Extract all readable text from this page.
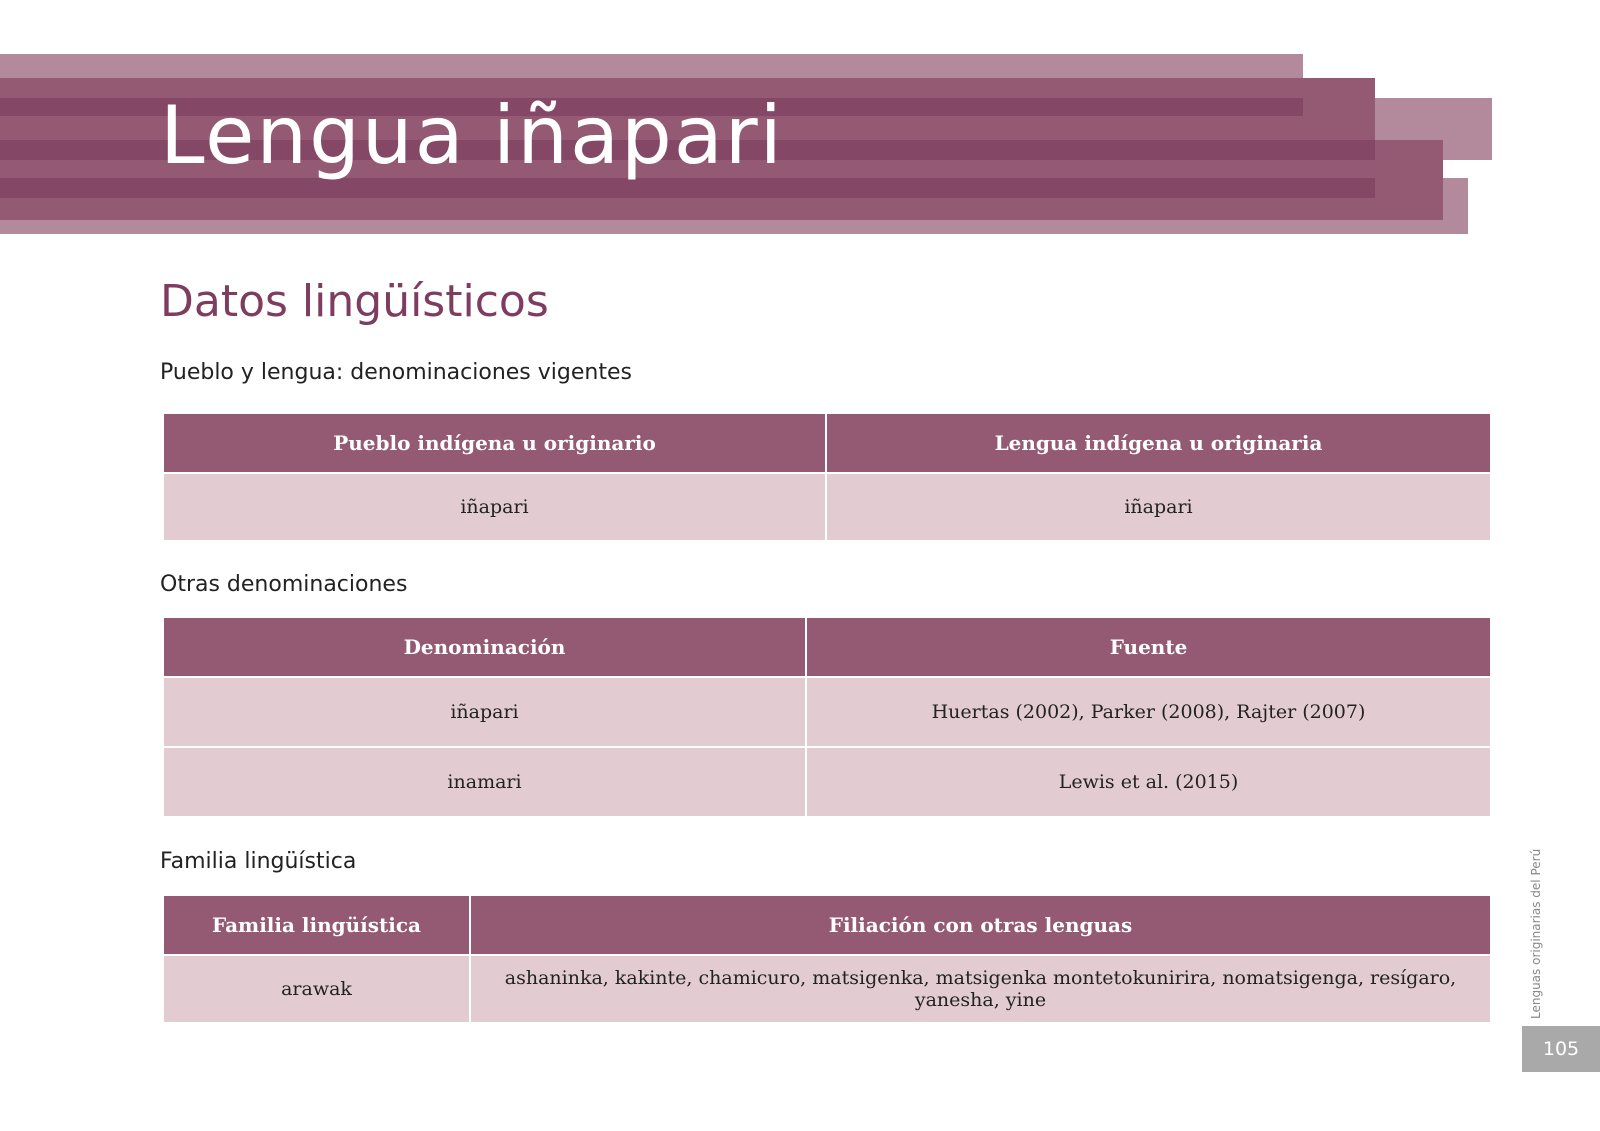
Lengua iñapari
Datos lingüísticos
Pueblo y lengua: denominaciones vigentes
Pueblo indígena u originario	Lengua indígena u originaria
iñapari	iñapari
Otras denominaciones
Denominación	Fuente
iñapari	Huertas (2002), Parker (2008), Rajter (2007)
inamari	Lewis et al. (2015)
Familia lingüística
Familia lingüística	Filiación con otras lenguas
arawak	ashaninka, kakinte, chamicuro, matsigenka, matsigenka montetokunirira, nomatsigenga, resígaro, yanesha, yine	Lenguas originarias del Perú
105
